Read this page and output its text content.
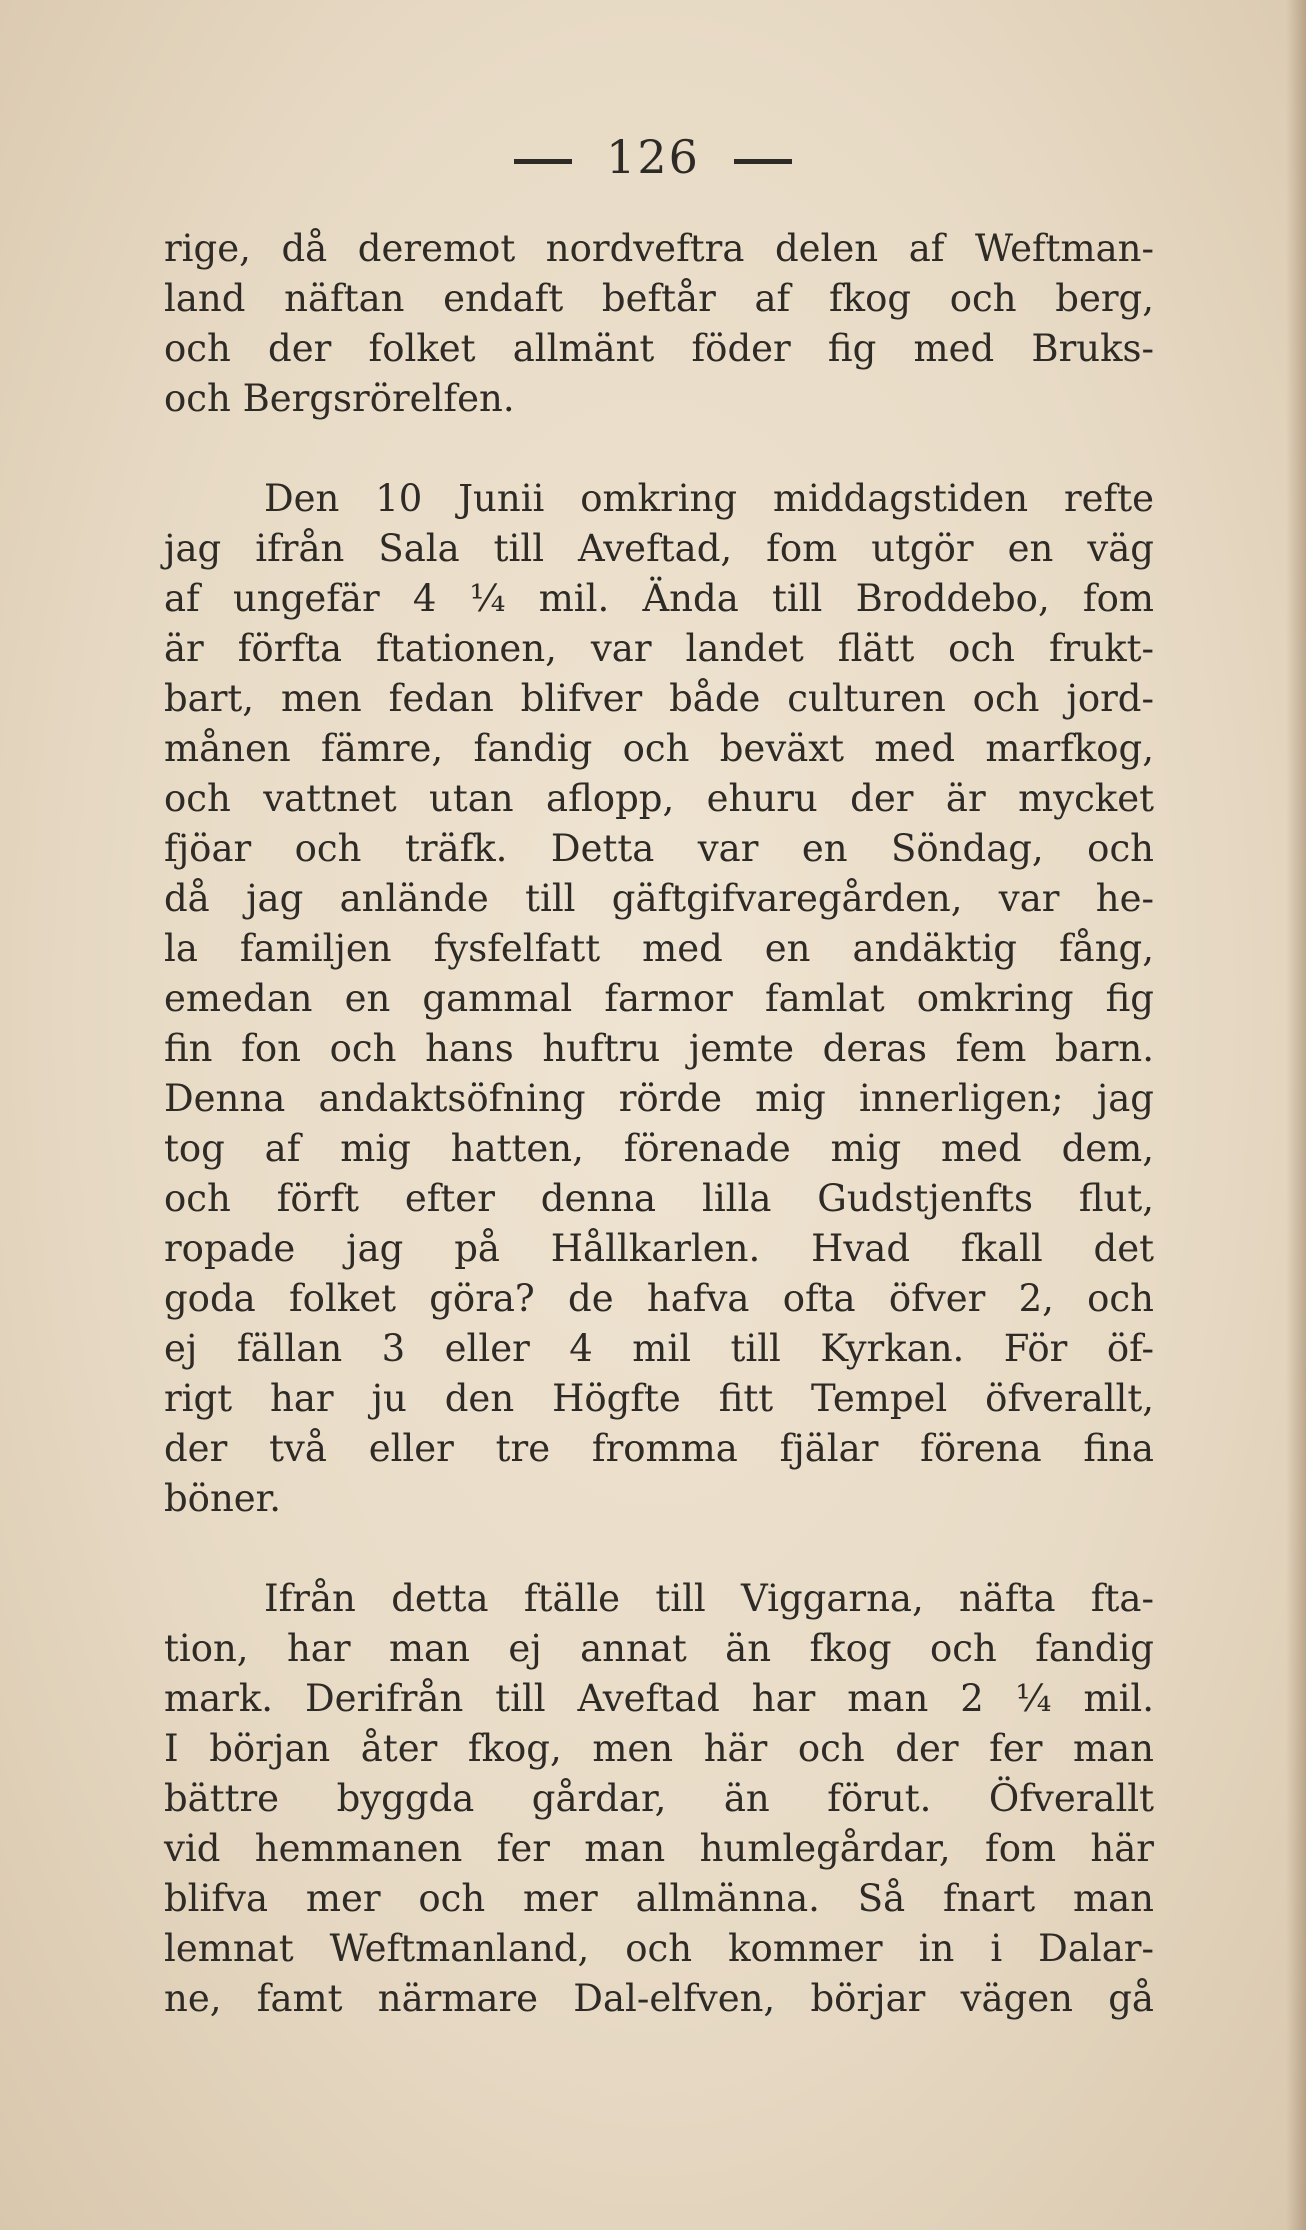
126
rige, då deremot nordveftra delen af Weftman-
land näftan endaft beftår af fkog och berg,
och der folket allmänt föder fig med Bruks-
och Bergsrörelfen.
Den 10 Junii omkring middagstiden refte
jag ifrån Sala till Aveftad, fom utgör en väg
af ungefär 4 ¼ mil. Ända till Broddebo, fom
är förfta ftationen, var landet flätt och frukt-
bart, men fedan blifver både culturen och jord-
månen fämre, fandig och beväxt med marfkog,
och vattnet utan aflopp, ehuru der är mycket
fjöar och träfk. Detta var en Söndag, och
då jag anlände till gäftgifvaregården, var he-
la familjen fysfelfatt med en andäktig fång,
emedan en gammal farmor famlat omkring fig
fin fon och hans huftru jemte deras fem barn.
Denna andaktsöfning rörde mig innerligen; jag
tog af mig hatten, förenade mig med dem,
och förft efter denna lilla Gudstjenfts flut,
ropade jag på Hållkarlen. Hvad fkall det
goda folket göra? de hafva ofta öfver 2, och
ej fällan 3 eller 4 mil till Kyrkan. För öf-
rigt har ju den Högfte fitt Tempel öfverallt,
der två eller tre fromma fjälar förena fina
böner.
Ifrån detta ftälle till Viggarna, näfta fta-
tion, har man ej annat än fkog och fandig
mark. Derifrån till Aveftad har man 2 ¼ mil.
I början åter fkog, men här och der fer man
bättre byggda gårdar, än förut. Öfverallt
vid hemmanen fer man humlegårdar, fom här
blifva mer och mer allmänna. Så fnart man
lemnat Weftmanland, och kommer in i Dalar-
ne, famt närmare Dal-elfven, börjar vägen gå
